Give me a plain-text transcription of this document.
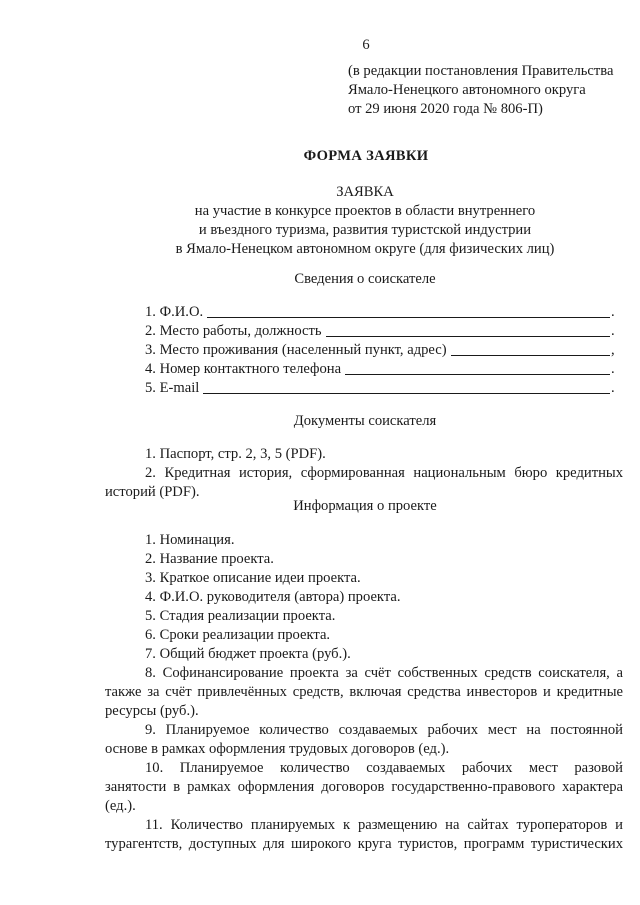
6
(в редакции постановления Правительства
Ямало-Ненецкого автономного округа
от 29 июня 2020 года № 806-П)
ФОРМА ЗАЯВКИ
ЗАЯВКА
на участие в конкурсе проектов в области внутреннего
и въездного туризма, развития туристской индустрии
в Ямало-Ненецком автономном округе (для физических лиц)
Сведения о соискателе
1. Ф.И.О.	.
2. Место работы, должность	.
3. Место проживания (населенный пункт, адрес)	,
4. Номер контактного телефона	.
5. E-mail	.
Документы соискателя
1. Паспорт, стр. 2, 3, 5 (PDF).
2. Кредитная история, сформированная национальным бюро кредитных
историй (PDF).
Информация о проекте
1. Номинация.
2. Название проекта.
3. Краткое описание идеи проекта.
4. Ф.И.О. руководителя (автора) проекта.
5. Стадия реализации проекта.
6. Сроки реализации проекта.
7. Общий бюджет проекта (руб.).
8. Софинансирование проекта за счёт собственных средств соискателя, а
также за счёт привлечённых средств, включая средства инвесторов и кредитные
ресурсы (руб.).
9. Планируемое количество создаваемых рабочих мест на постоянной
основе в рамках оформления трудовых договоров (ед.).
10. Планируемое количество создаваемых рабочих мест разовой
занятости в рамках оформления договоров государственно-правового характера
(ед.).
11. Количество планируемых к размещению на сайтах туроператоров и
турагентств, доступных для широкого круга туристов, программ туристических
